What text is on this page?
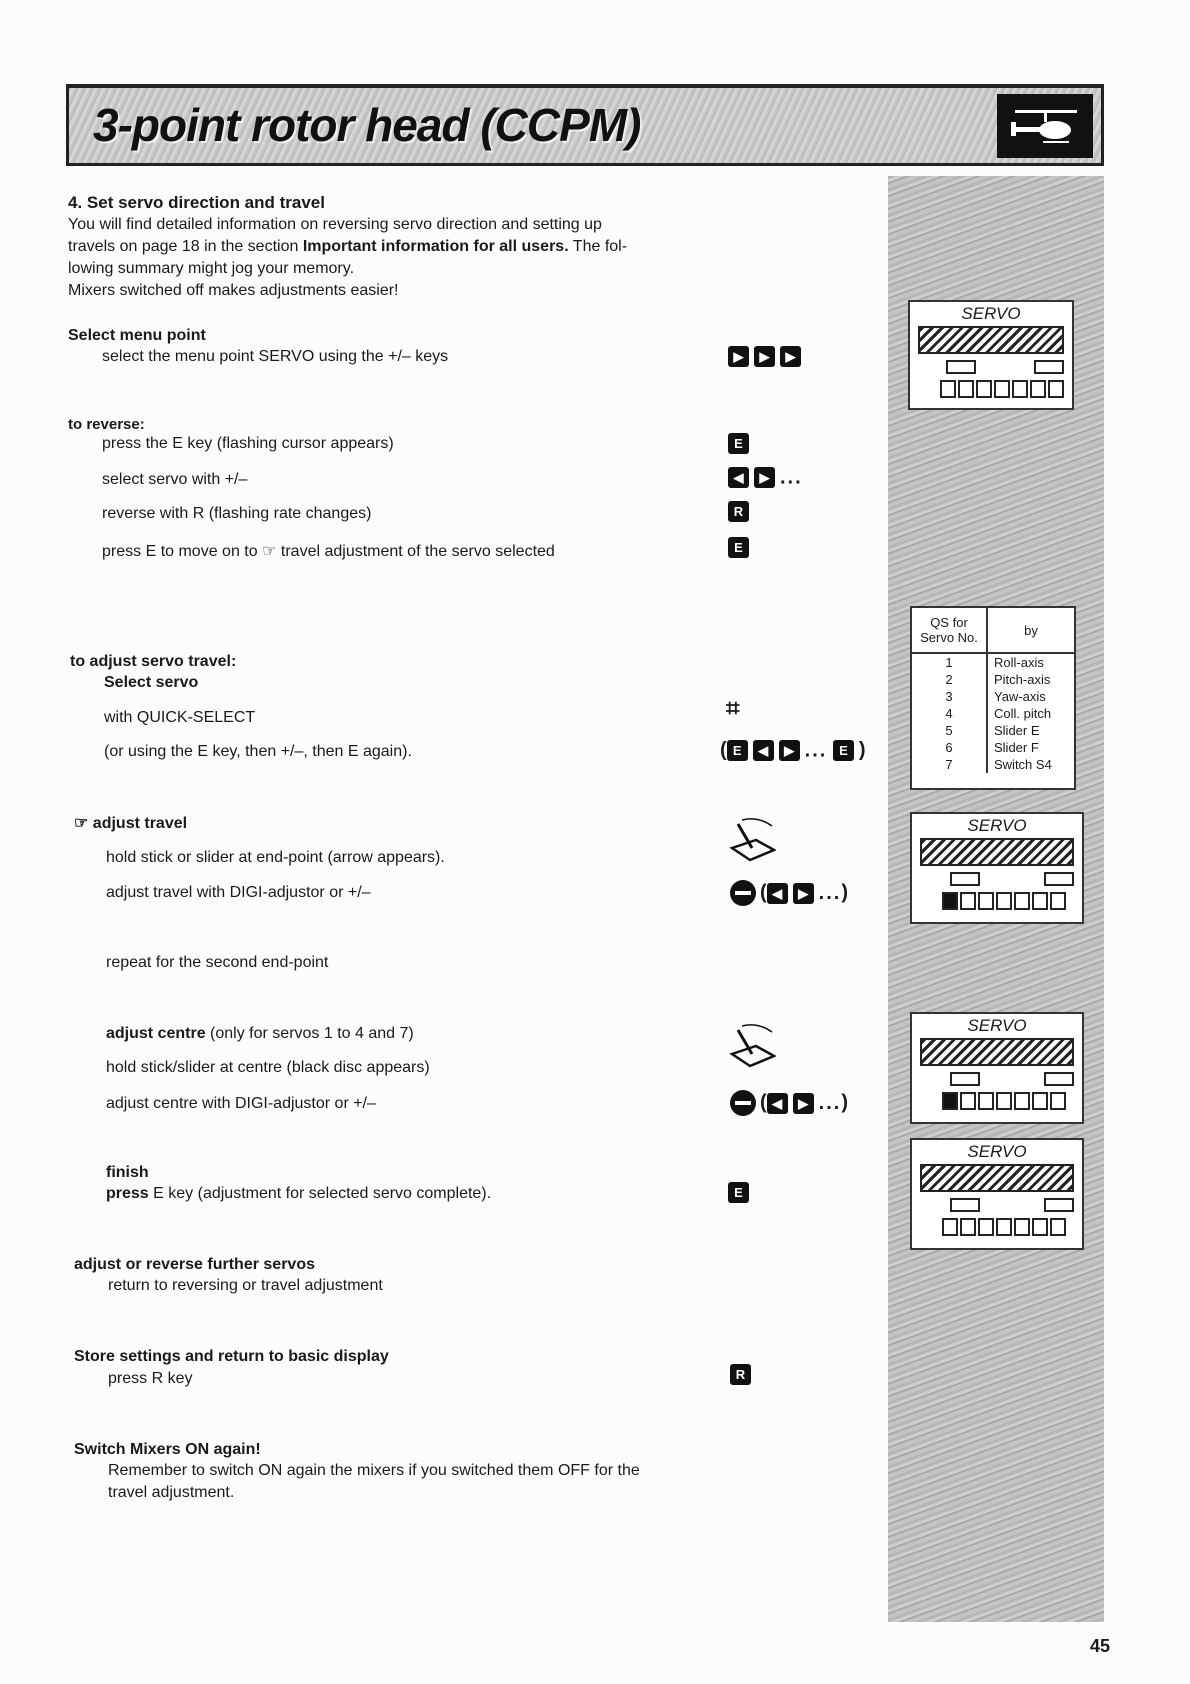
3-point rotor head (CCPM)
4. Set servo direction and travel
You will find detailed information on reversing servo direction and setting up
travels on page 18 in the section Important information for all users. The fol-
lowing summary might jog your memory.
Mixers switched off makes adjustments easier!
Select menu point
select the menu point SERVO using the +/– keys	▶ ▶ ▶
SERVO
to reverse:
press the E key (flashing cursor appears)
select servo with +/–
reverse with R (flashing rate changes)
press E to move on to ☞ travel adjustment of the servo selected
E
◀ ▶ ...
R
E
QS for Servo No.	by
1	Roll-axis
2	Pitch-axis
3	Yaw-axis
4	Coll. pitch
5	Slider E
6	Slider F
7	Switch S4
to adjust servo travel:
Select servo
with QUICK-SELECT
(or using the E key, then +/–, then E again).
⌗
( E ◀ ▶ ... E )
☞ adjust travel
hold stick or slider at end-point (arrow appears).
adjust travel with DIGI-adjustor or +/–
repeat for the second end-point
( ◀ ▶ ...)
SERVO
adjust centre (only for servos 1 to 4 and 7)
hold stick/slider at centre (black disc appears)
adjust centre with DIGI-adjustor or +/–	( ◀ ▶ ...)
SERVO
SERVO
finish
press E key (adjustment for selected servo complete).	E
adjust or reverse further servos
return to reversing or travel adjustment
Store settings and return to basic display
press R key	R
Switch Mixers ON again!
Remember to switch ON again the mixers if you switched them OFF for the
travel adjustment.
45
